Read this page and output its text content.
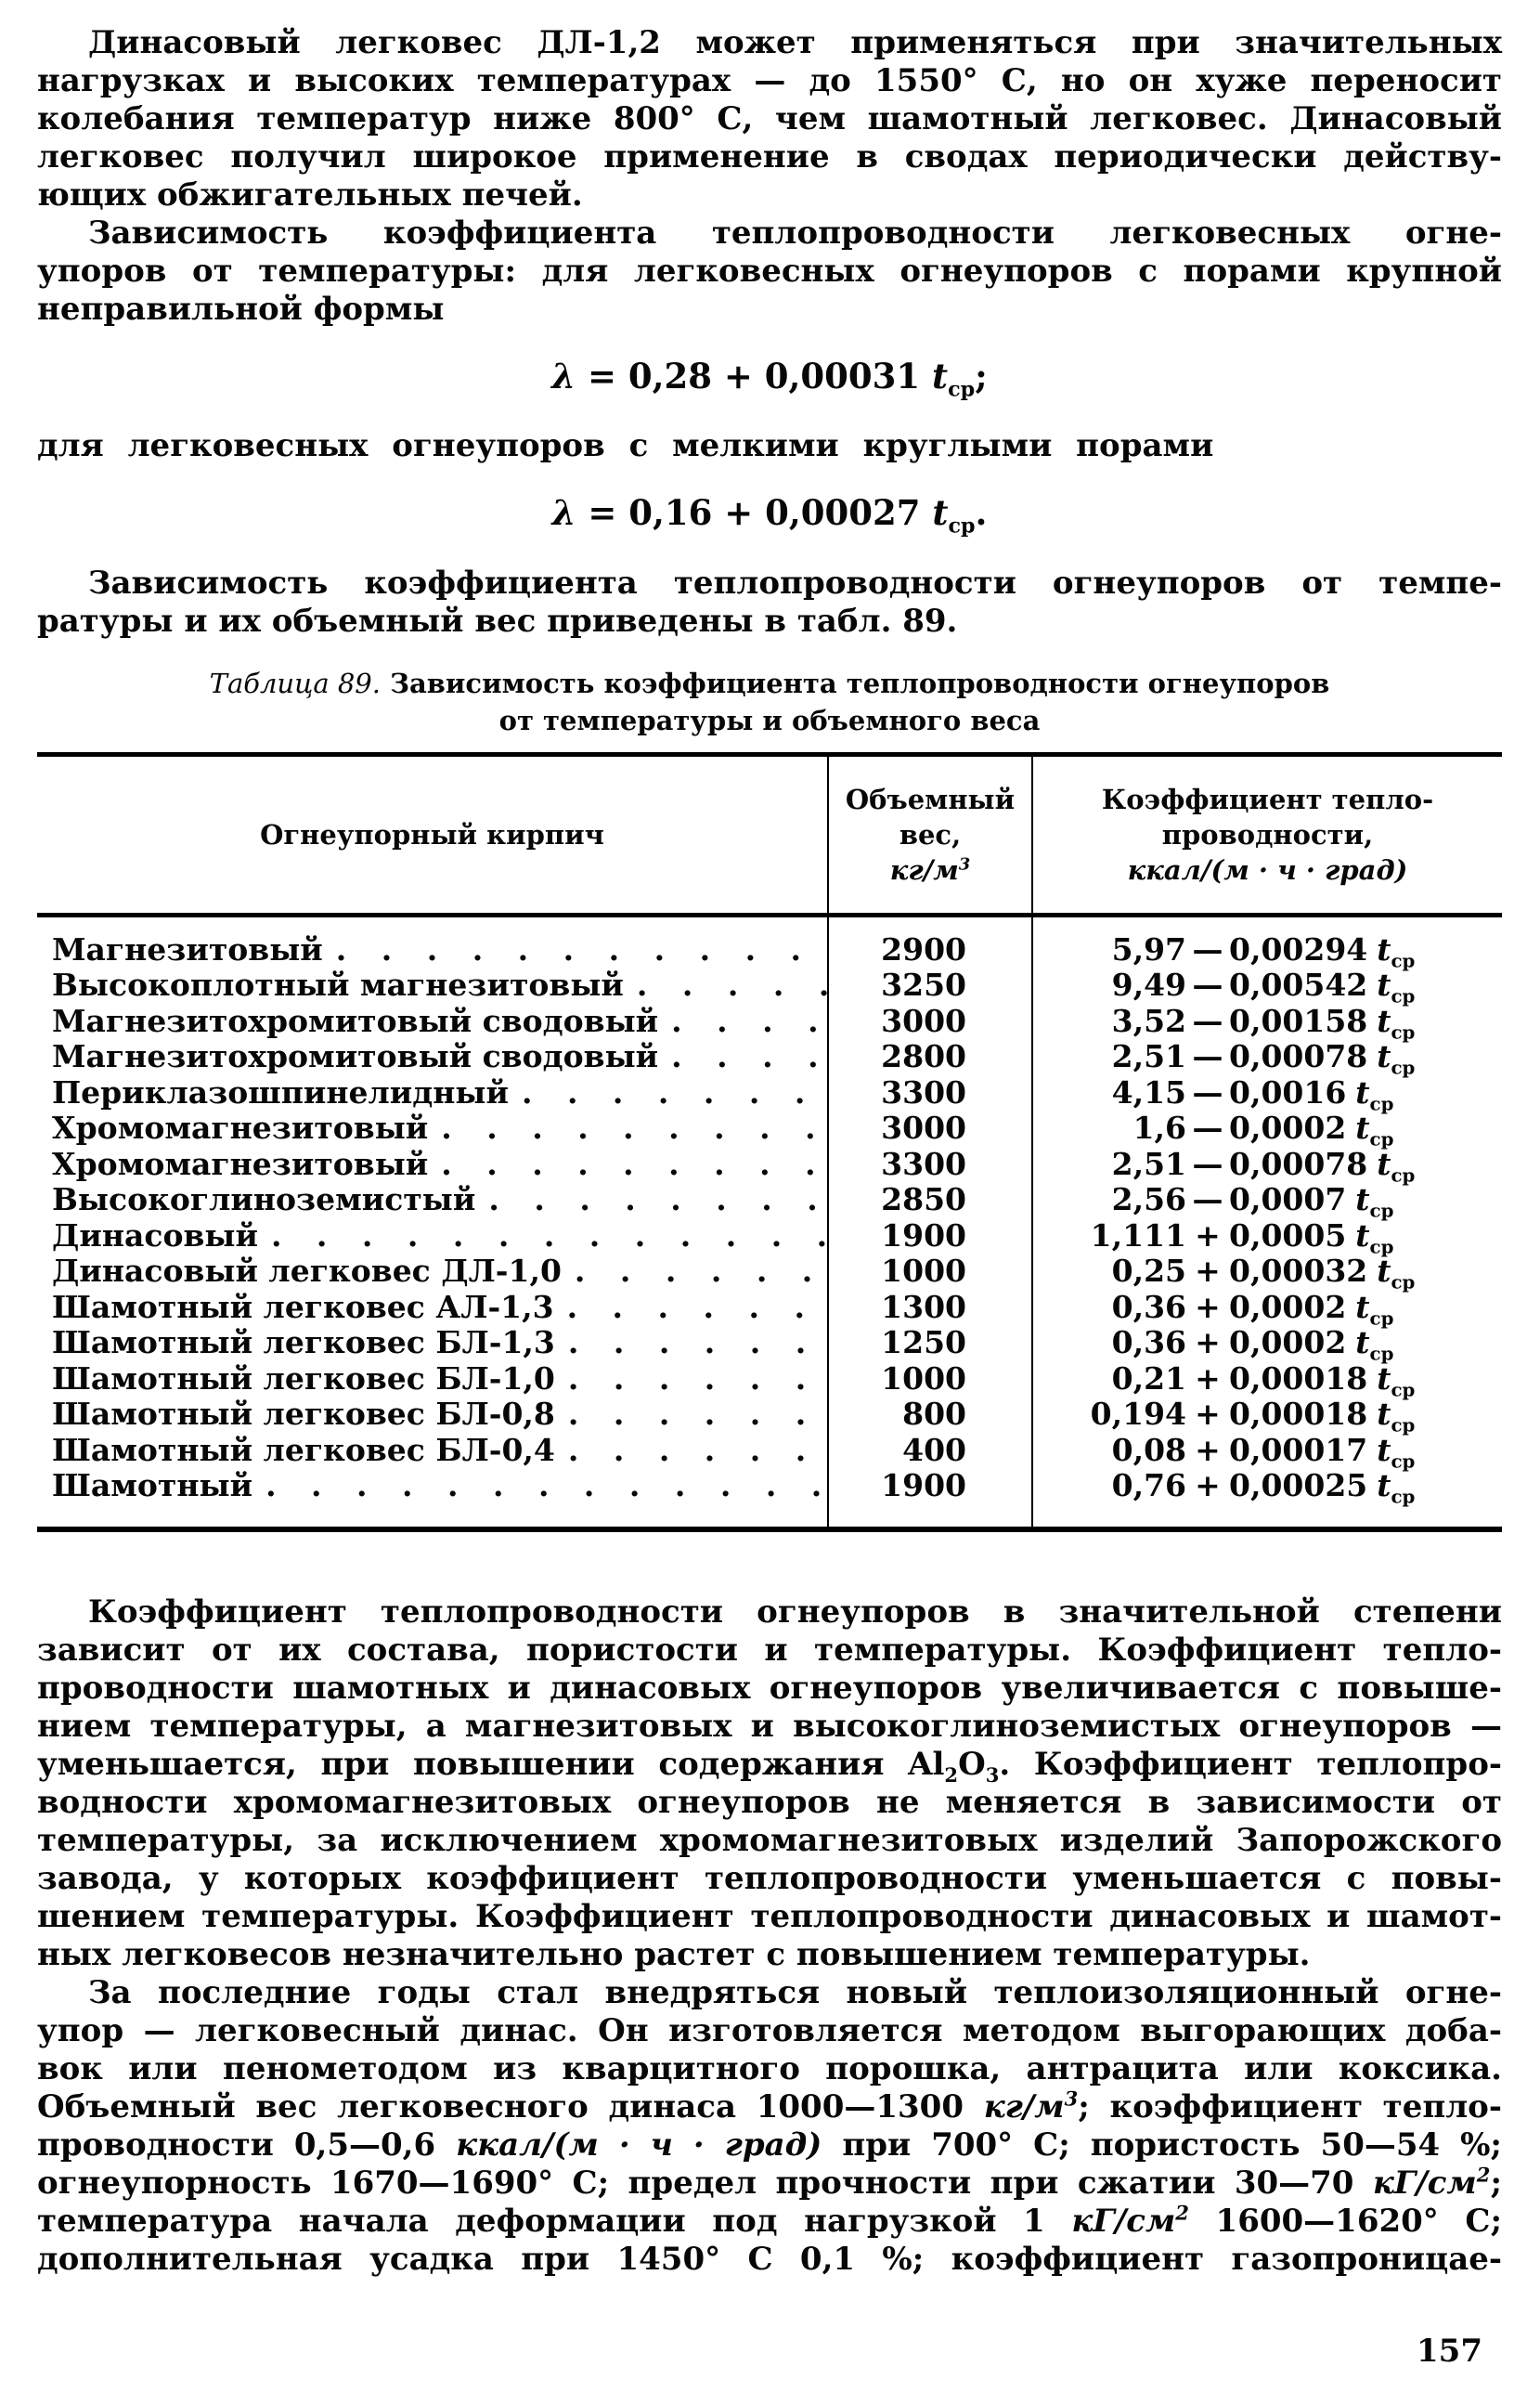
Динасовый легковес ДЛ-1,2 может применяться при значительных
нагрузках и высоких температурах — до 1550° С, но он хуже переносит
колебания температур ниже 800° С, чем шамотный легковес. Динасовый
легковес получил широкое применение в сводах периодически действу-
ющих обжигательных печей.
Зависимость коэффициента теплопроводности легковесных огне-
упоров от температуры: для легковесных огнеупоров с порами крупной
неправильной формы
λ = 0,28 + 0,00031 $t_{ср}$;
для легковесных огнеупоров с мелкими круглыми порами
λ = 0,16 + 0,00027 $t_{ср}$.
Зависимость коэффициента теплопроводности огнеупоров от темпе-
ратуры и их объемный вес приведены в табл. 89.
Таблица 89. Зависимость коэффициента теплопроводности огнеупоров
от температуры и объемного веса
Огнеупорный кирпич
Объемный
вес,
$кг/м^3$
Коэффициент тепло-
проводности,
ккал/(м · ч · град)
Магнезитовый . . .	2900	5,97 — 0,00294 $t_{ср}$
Высокоплотный магнезитовый . . .	3250	9,49 — 0,00542 $t_{ср}$
Магнезитохромитовый сводовый . . .	3000	3,52 — 0,00158 $t_{ср}$
Магнезитохромитовый сводовый . . .	2800	2,51 — 0,00078 $t_{ср}$
Периклазошпинелидный . . .	3300	4,15 — 0,0016 $t_{ср}$
Хромомагнезитовый . . .	3000	1,6 — 0,0002 $t_{ср}$
Хромомагнезитовый . . .	3300	2,51 — 0,00078 $t_{ср}$
Высокоглиноземистый . . .	2850	2,56 — 0,0007 $t_{ср}$
Динасовый . . .	1900	1,111 + 0,0005 $t_{ср}$
Динасовый легковес ДЛ-1,0 . . .	1000	0,25 + 0,00032 $t_{ср}$
Шамотный легковес АЛ-1,3 . . .	1300	0,36 + 0,0002 $t_{ср}$
Шамотный легковес БЛ-1,3 . . .	1250	0,36 + 0,0002 $t_{ср}$
Шамотный легковес БЛ-1,0 . . .	1000	0,21 + 0,00018 $t_{ср}$
Шамотный легковес БЛ-0,8 . . .	800	0,194 + 0,00018 $t_{ср}$
Шамотный легковес БЛ-0,4 . . .	400	0,08 + 0,00017 $t_{ср}$
Шамотный . . .	1900	0,76 + 0,00025 $t_{ср}$
Коэффициент теплопроводности огнеупоров в значительной степени
зависит от их состава, пористости и температуры. Коэффициент тепло-
проводности шамотных и динасовых огнеупоров увеличивается с повыше-
нием температуры, а магнезитовых и высокоглиноземистых огнеупоров —
уменьшается, при повышении содержания $Al_2O_3$. Коэффициент теплопро-
водности хромомагнезитовых огнеупоров не меняется в зависимости от
температуры, за исключением хромомагнезитовых изделий Запорожского
завода, у которых коэффициент теплопроводности уменьшается с повы-
шением температуры. Коэффициент теплопроводности динасовых и шамот-
ных легковесов незначительно растет с повышением температуры.
За последние годы стал внедряться новый теплоизоляционный огне-
упор — легковесный динас. Он изготовляется методом выгорающих доба-
вок или пенометодом из кварцитного порошка, антрацита или коксика.
Объемный вес легковесного динаса 1000—1300 $кг/м^3$; коэффициент тепло-
проводности 0,5—0,6 ккал/(м · ч · град) при 700° С; пористость 50—54 %;
огнеупорность 1670—1690° С; предел прочности при сжатии 30—70 $кГ/см^2$;
температура начала деформации под нагрузкой 1 $кГ/см^2$ 1600—1620° С;
дополнительная усадка при 1450° С 0,1 %; коэффициент газопроницае-
157
